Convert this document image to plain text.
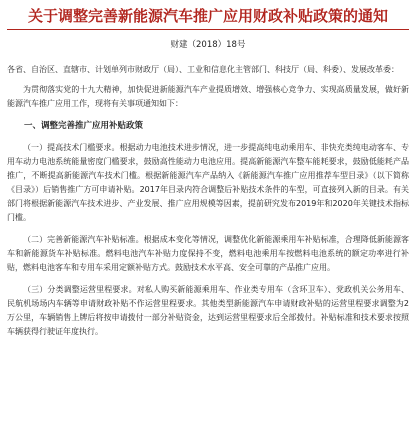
关于调整完善新能源汽车推广应用财政补贴政策的通知
财建（2018）18号
各省、自治区、直辖市、计划单列市财政厅（局）、工业和信息化主管部门、科技厅（局、科委）、发展改革委：

为贯彻落实党的十九大精神，加快促进新能源汽车产业提质增效、增强核心竞争力、实现高质量发展，做好新能源汽车推广应用工作，现将有关事项通知如下：

一、调整完善推广应用补贴政策

（一）提高技术门槛要求。根据动力电池技术进步情况，进一步提高纯电动乘用车、非快充类纯电动客车、专用车动力电池系统能量密度门槛要求，鼓励高性能动力电池应用。提高新能源汽车整车能耗要求，鼓励低能耗产品推广，不断提高新能源汽车技术门槛。根据新能源汽车产品纳入《新能源汽车推广应用推荐车型目录》（以下简称《目录》）后销售推广方可申请补贴。2017年目录内符合调整后补贴技术条件的车型，可直接列入新的目录。有关部门将根据新能源汽车技术进步、产业发展、推广应用规模等因素，提前研究发布2019年和2020年关键技术指标门槛。

（二）完善新能源汽车补贴标准。根据成本变化等情况，调整优化新能源乘用车补贴标准，合理降低新能源客车和新能源货车补贴标准。燃料电池汽车补贴力度保持不变，燃料电池乘用车按燃料电池系统的额定功率进行补贴，燃料电池客车和专用车采用定额补贴方式。鼓励技术水平高、安全可靠的产品推广应用。

（三）分类调整运营里程要求。对私人购买新能源乘用车、作业类专用车（含环卫车）、党政机关公务用车、民航机场场内车辆等申请财政补贴不作运营里程要求。其他类型新能源汽车申请财政补贴的运营里程要求调整为2万公里，车辆销售上牌后将按申请拨付一部分补贴资金，达到运营里程要求后全部拨付。补贴标准和技术要求按照车辆获得行驶证年度执行。
